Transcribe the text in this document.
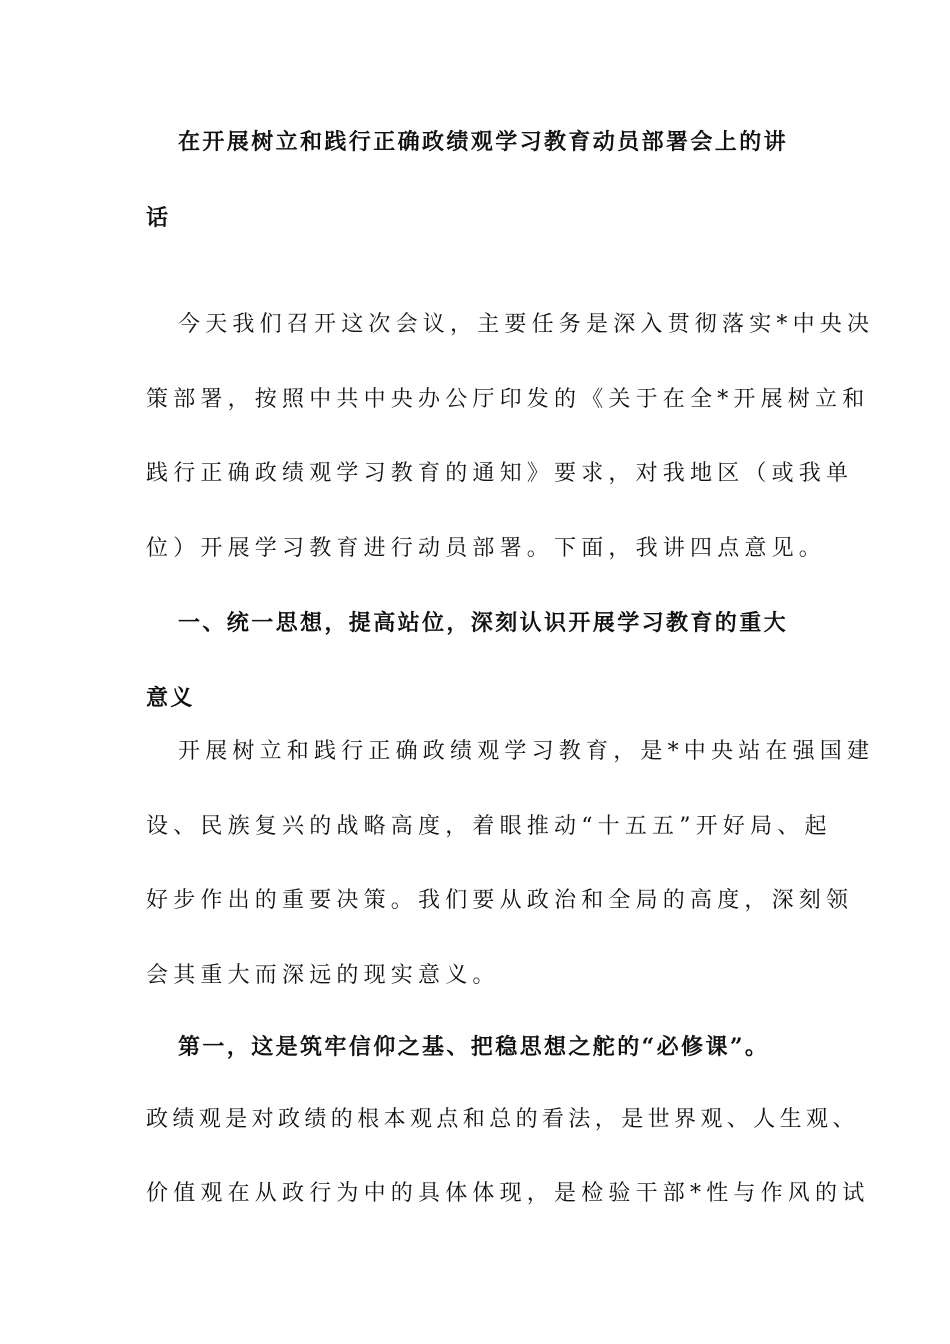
在开展树立和践行正确政绩观学习教育动员部署会上的讲
话
今天我们召开这次会议，主要任务是深入贯彻落实*中央决
策部署，按照中共中央办公厅印发的《关于在全*开展树立和
践行正确政绩观学习教育的通知》要求，对我地区（或我单
位）开展学习教育进行动员部署。下面，我讲四点意见。
一、统一思想，提高站位，深刻认识开展学习教育的重大
意义
开展树立和践行正确政绩观学习教育，是*中央站在强国建
设、民族复兴的战略高度，着眼推动“十五五”开好局、起
好步作出的重要决策。我们要从政治和全局的高度，深刻领
会其重大而深远的现实意义。
第一，这是筑牢信仰之基、把稳思想之舵的“必修课”。
政绩观是对政绩的根本观点和总的看法，是世界观、人生观、
价值观在从政行为中的具体体现，是检验干部*性与作风的试
